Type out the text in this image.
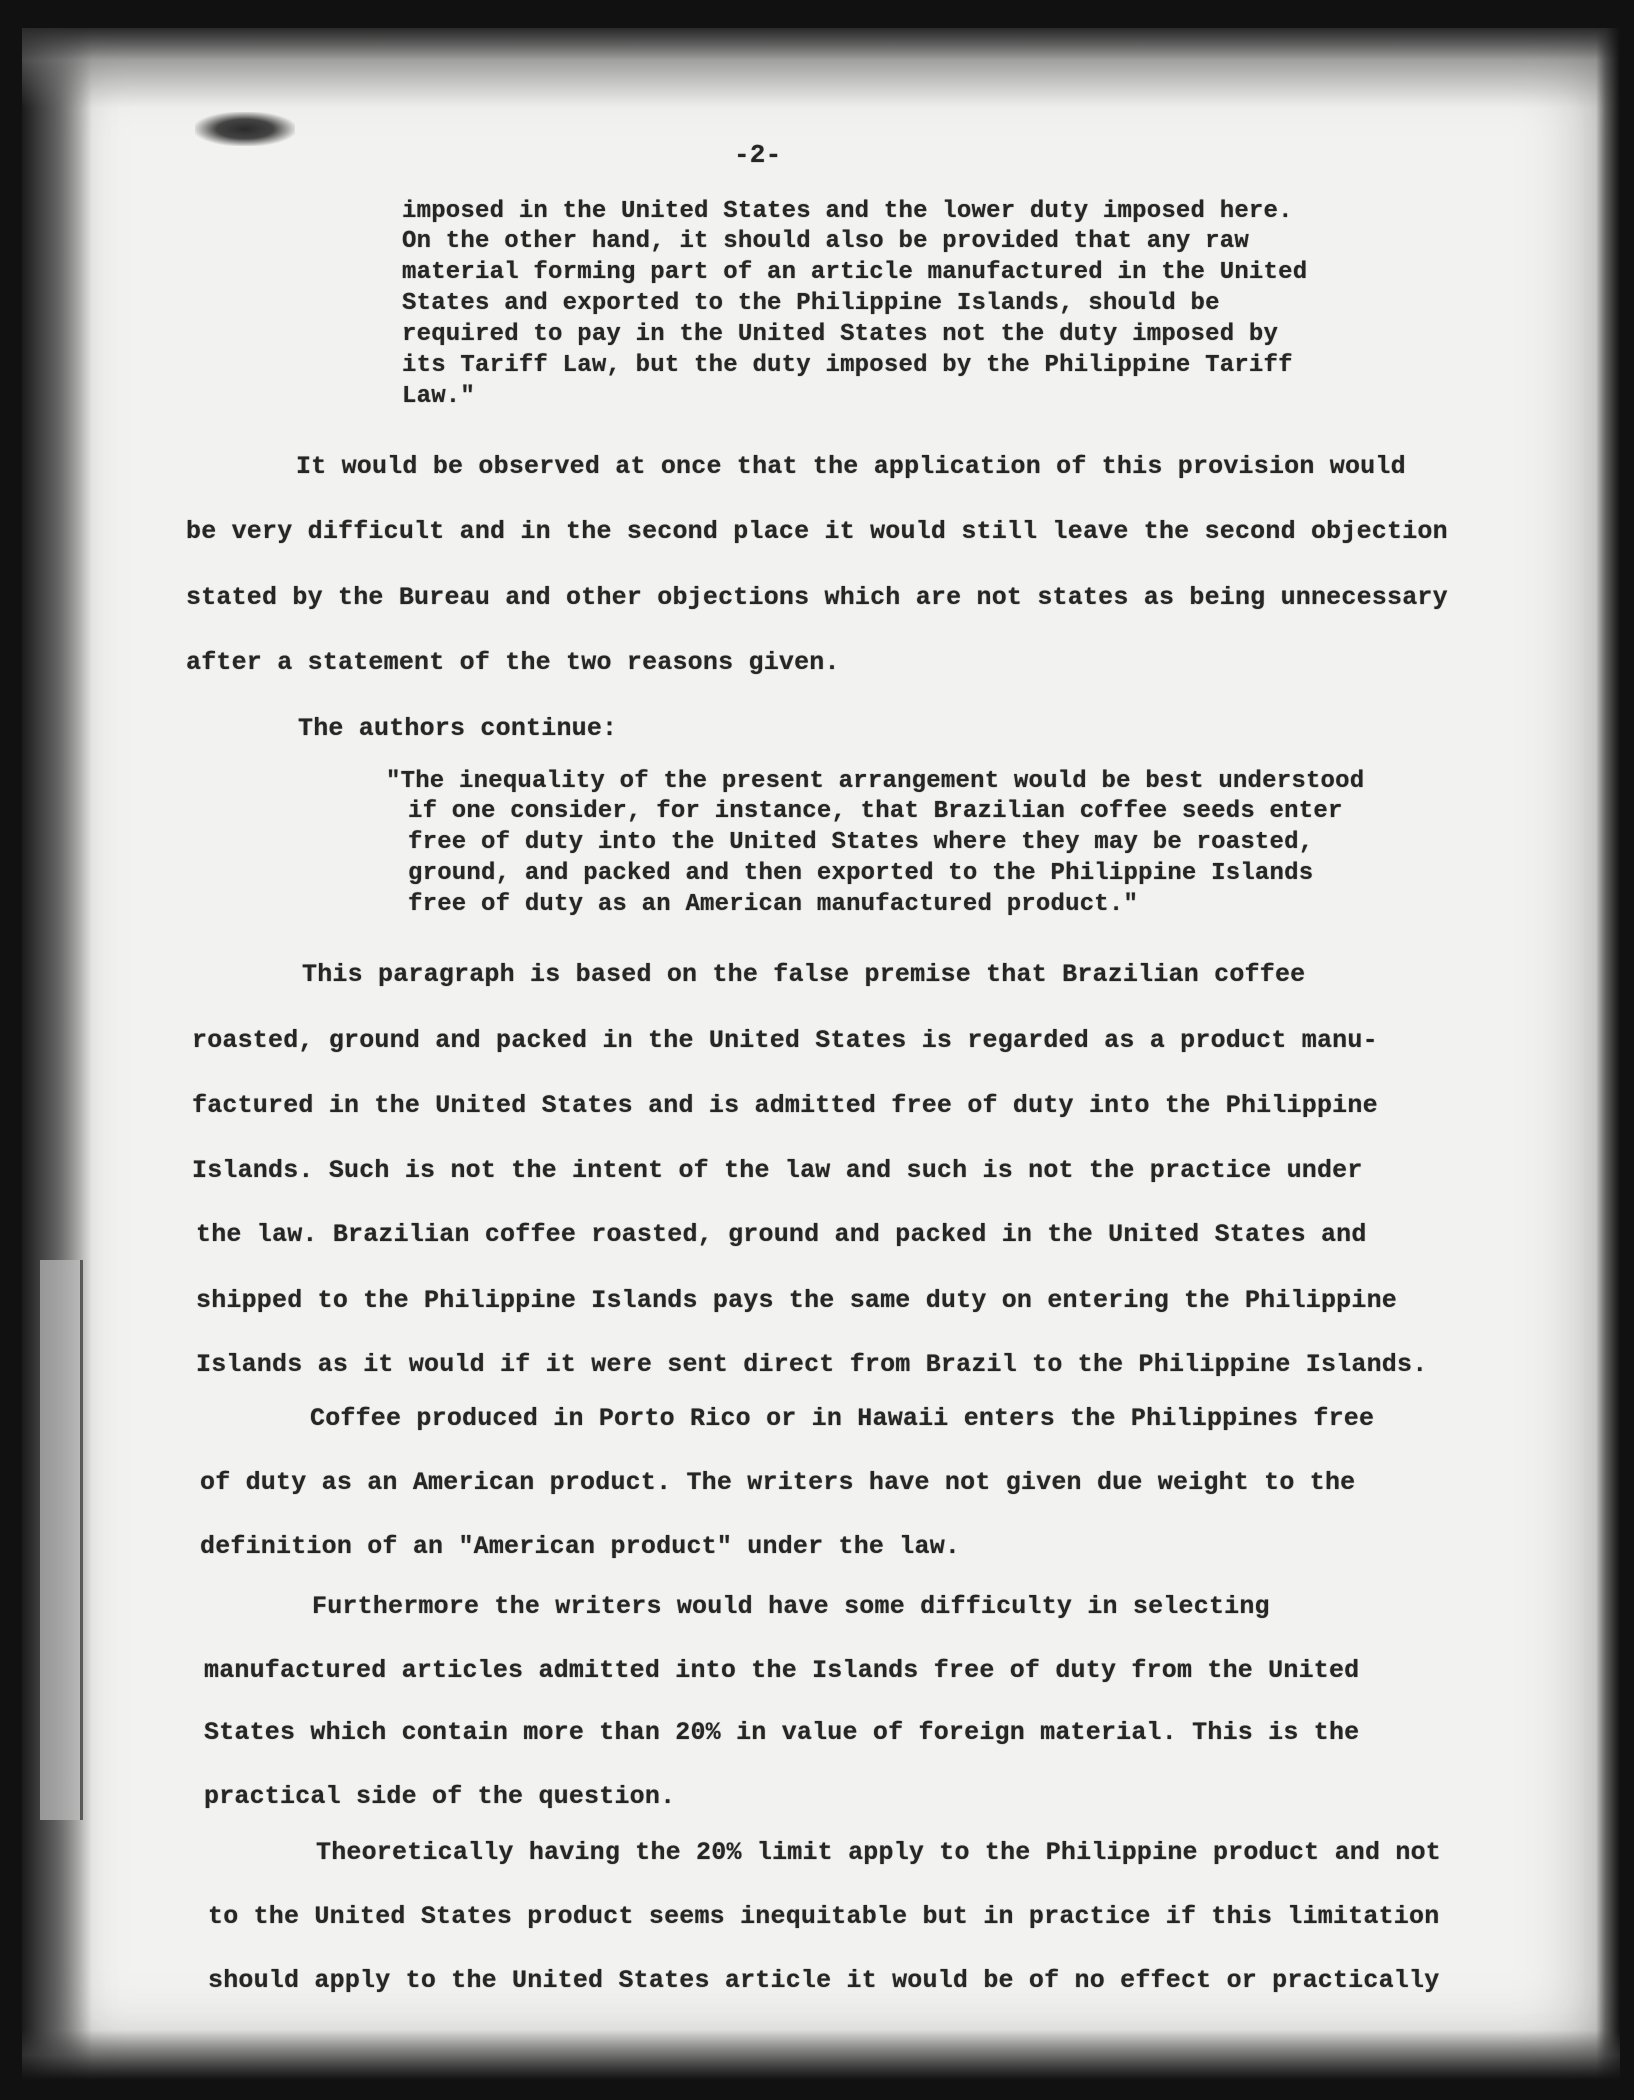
-2-

imposed in the United States and the lower duty imposed here.

On the other hand, it should also be provided that any raw

material forming part of an article manufactured in the United

States and exported to the Philippine Islands, should be

required to pay in the United States not the duty imposed by

its Tariff Law, but the duty imposed by the Philippine Tariff

Law."

It would be observed at once that the application of this provision would

be very difficult and in the second place it would still leave the second objection

stated by the Bureau and other objections which are not states as being unnecessary

after a statement of the two reasons given.

The authors continue:

"The inequality of the present arrangement would be best understood

if one consider, for instance, that Brazilian coffee seeds enter

free of duty into the United States where they may be roasted,

ground, and packed and then exported to the Philippine Islands

free of duty as an American manufactured product."

This paragraph is based on the false premise that Brazilian coffee

roasted, ground and packed in the United States is regarded as a product manu-

factured in the United States and is admitted free of duty into the Philippine

Islands. Such is not the intent of the law and such is not the practice under

the law. Brazilian coffee roasted, ground and packed in the United States and

shipped to the Philippine Islands pays the same duty on entering the Philippine

Islands as it would if it were sent direct from Brazil to the Philippine Islands.

Coffee produced in Porto Rico or in Hawaii enters the Philippines free

of duty as an American product. The writers have not given due weight to the

definition of an "American product" under the law.

Furthermore the writers would have some difficulty in selecting

manufactured articles admitted into the Islands free of duty from the United

States which contain more than 20% in value of foreign material. This is the

practical side of the question.

Theoretically having the 20% limit apply to the Philippine product and not

to the United States product seems inequitable but in practice if this limitation

should apply to the United States article it would be of no effect or practically
